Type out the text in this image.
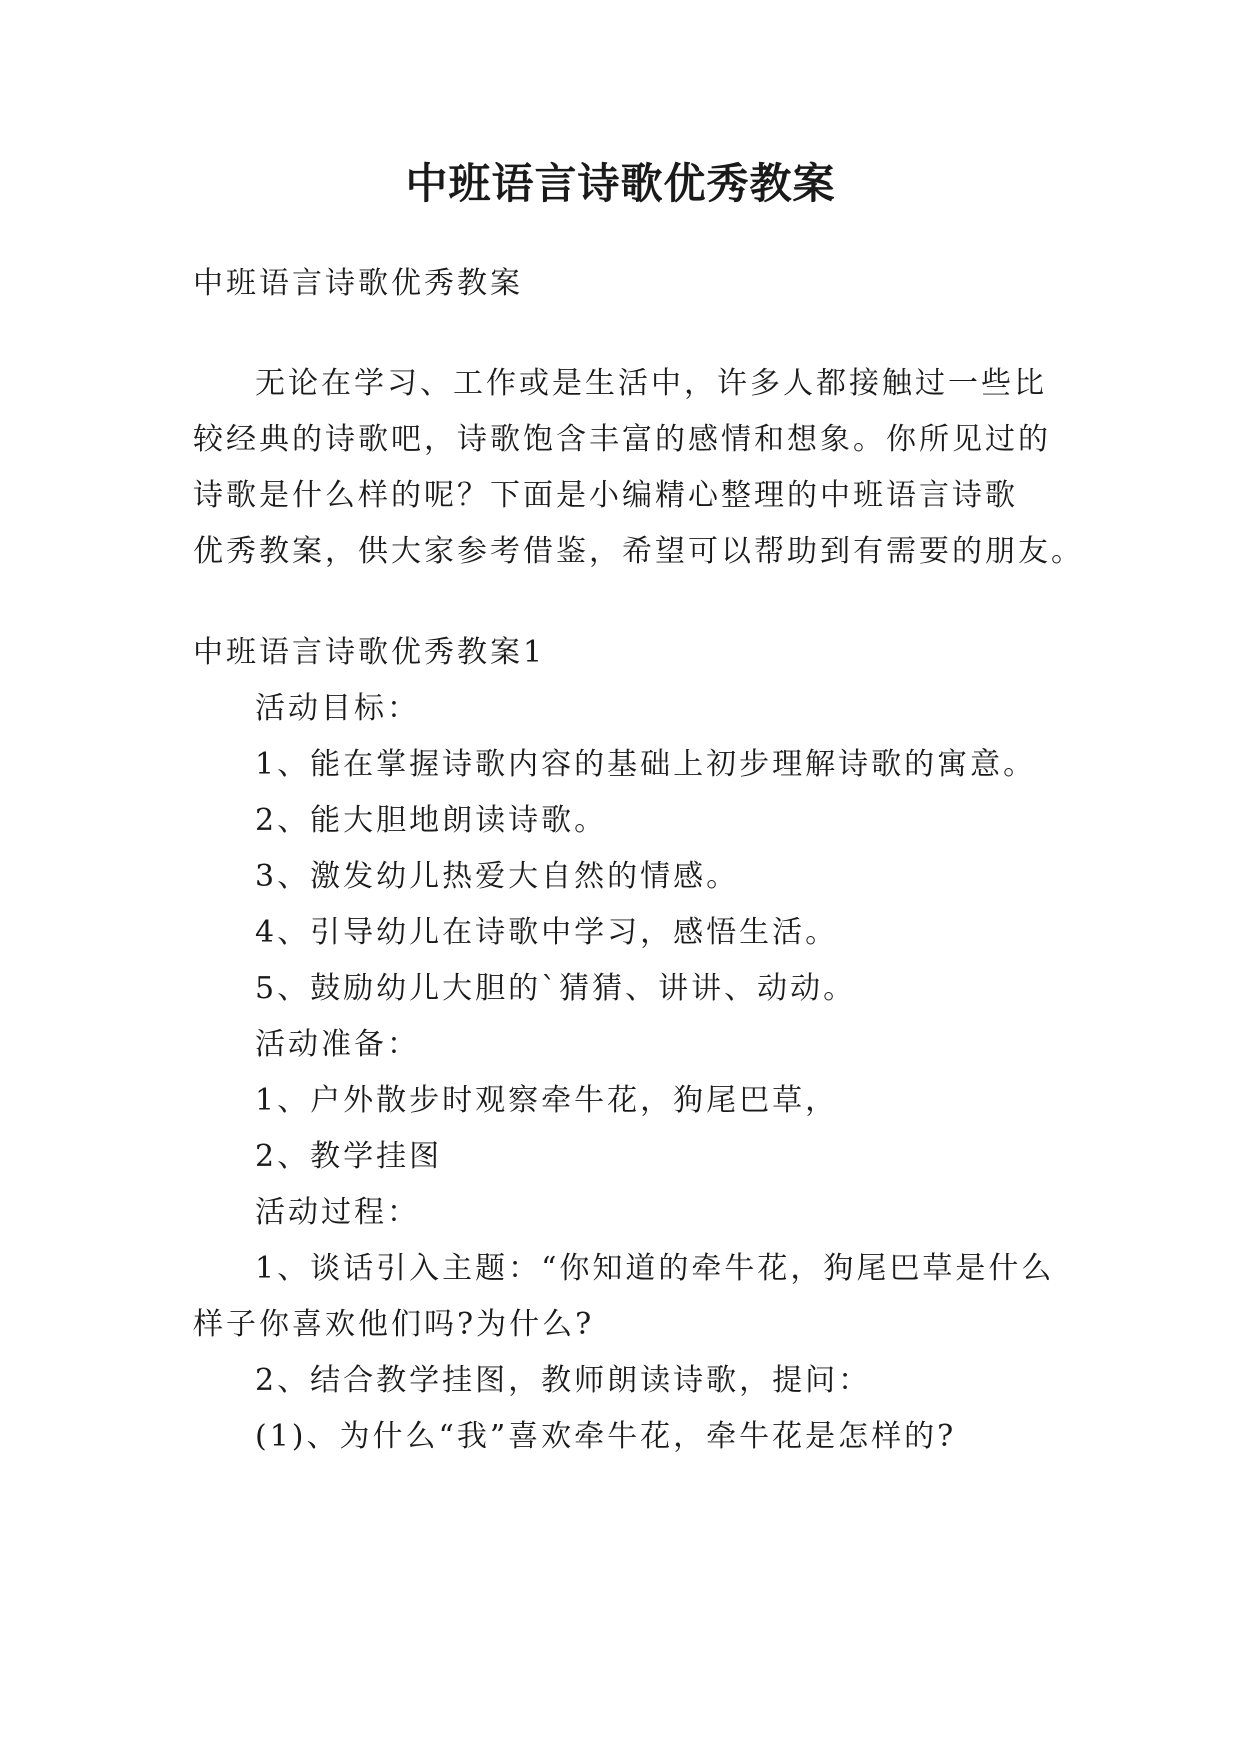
中班语言诗歌优秀教案
中班语言诗歌优秀教案
无论在学习、工作或是生活中，许多人都接触过一些比
较经典的诗歌吧，诗歌饱含丰富的感情和想象。你所见过的
诗歌是什么样的呢？下面是小编精心整理的中班语言诗歌
优秀教案，供大家参考借鉴，希望可以帮助到有需要的朋友。
中班语言诗歌优秀教案1
活动目标：
1、能在掌握诗歌内容的基础上初步理解诗歌的寓意。
2、能大胆地朗读诗歌。
3、激发幼儿热爱大自然的情感。
4、引导幼儿在诗歌中学习，感悟生活。
5、鼓励幼儿大胆的`猜猜、讲讲、动动。
活动准备：
1、户外散步时观察牵牛花，狗尾巴草，
2、教学挂图
活动过程：
1、谈话引入主题：“你知道的牵牛花，狗尾巴草是什么
样子你喜欢他们吗?为什么?
2、结合教学挂图，教师朗读诗歌，提问：
(1)、为什么“我”喜欢牵牛花，牵牛花是怎样的?
